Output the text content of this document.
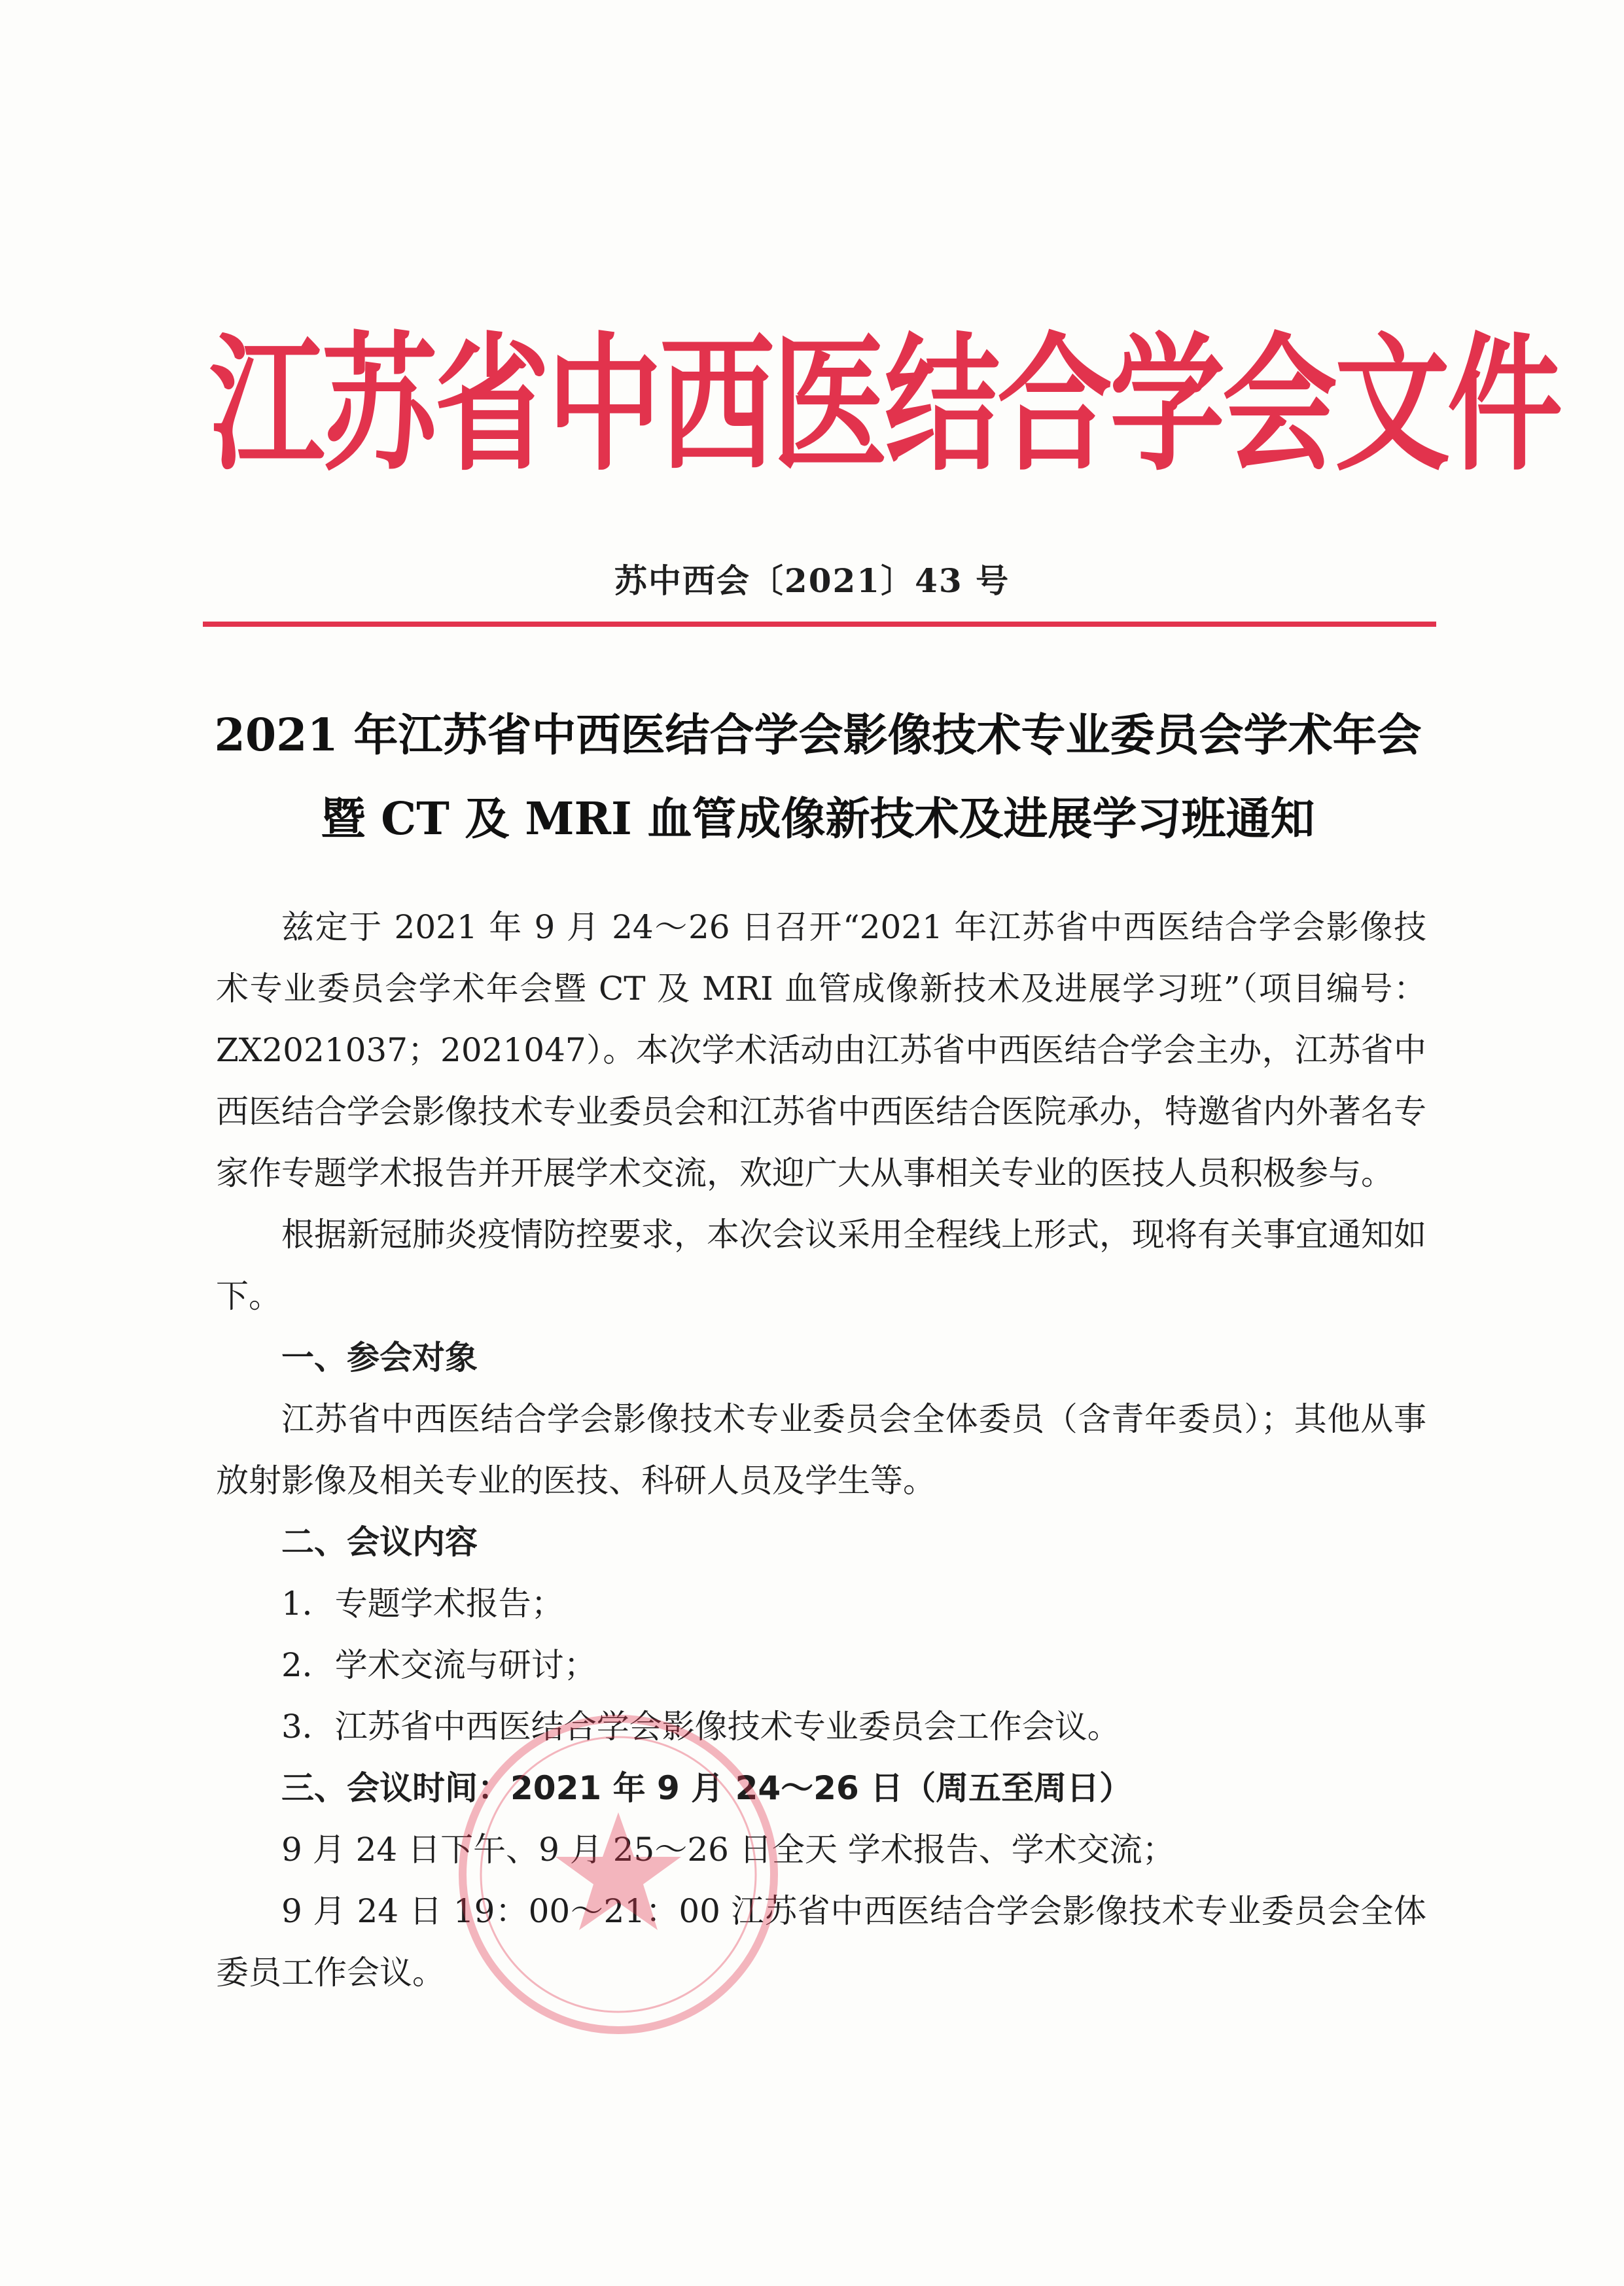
江苏省中西医结合学会文件
苏中西会〔2021〕43 号
2021 年江苏省中西医结合学会影像技术专业委员会学术年会
暨 CT 及 MRI 血管成像新技术及进展学习班通知

兹定于 2021 年 9 月 24～26 日召开“2021 年江苏省中西医结合学会影像技术专业委员会学术年会暨 CT 及 MRI 血管成像新技术及进展学习班”（项目编号：ZX2021037；2021047）。本次学术活动由江苏省中西医结合学会主办，江苏省中西医结合学会影像技术专业委员会和江苏省中西医结合医院承办，特邀省内外著名专家作专题学术报告并开展学术交流，欢迎广大从事相关专业的医技人员积极参与。

根据新冠肺炎疫情防控要求，本次会议采用全程线上形式，现将有关事宜通知如下。

一、参会对象

江苏省中西医结合学会影像技术专业委员会全体委员（含青年委员）；其他从事放射影像及相关专业的医技、科研人员及学生等。

二、会议内容
1．专题学术报告；
2．学术交流与研讨；
3．江苏省中西医结合学会影像技术专业委员会工作会议。
三、会议时间：2021 年 9 月 24～26 日（周五至周日）

9 月 24 日下午、9 月 25～26 日全天 学术报告、学术交流；

9 月 24 日 19：00～21：00 江苏省中西医结合学会影像技术专业委员会全体委员工作会议。
